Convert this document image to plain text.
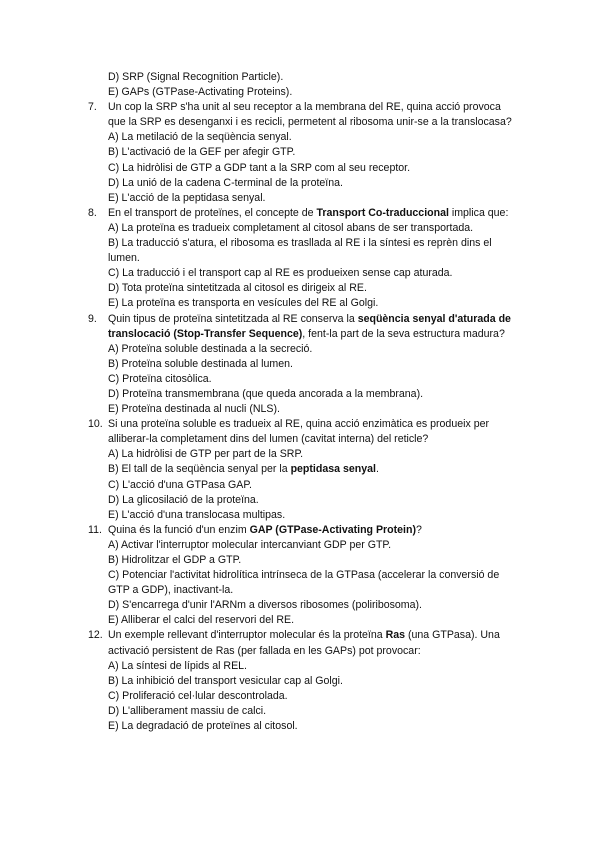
D) SRP (Signal Recognition Particle).
E) GAPs (GTPase-Activating Proteins).
7. Un cop la SRP s'ha unit al seu receptor a la membrana del RE, quina acció provoca que la SRP es desenganxi i es recicli, permetent al ribosoma unir-se a la translocasa?
A) La metilació de la seqüència senyal.
B) L'activació de la GEF per afegir GTP.
C) La hidròlisi de GTP a GDP tant a la SRP com al seu receptor.
D) La unió de la cadena C-terminal de la proteïna.
E) L'acció de la peptidasa senyal.
8. En el transport de proteïnes, el concepte de Transport Co-traduccional implica que:
A) La proteïna es tradueix completament al citosol abans de ser transportada.
B) La traducció s'atura, el ribosoma es trasllada al RE i la síntesi es reprèn dins el lumen.
C) La traducció i el transport cap al RE es produeixen sense cap aturada.
D) Tota proteïna sintetitzada al citosol es dirigeix al RE.
E) La proteïna es transporta en vesícules del RE al Golgi.
9. Quin tipus de proteïna sintetitzada al RE conserva la seqüència senyal d'aturada de translocació (Stop-Transfer Sequence), fent-la part de la seva estructura madura?
A) Proteïna soluble destinada a la secreció.
B) Proteïna soluble destinada al lumen.
C) Proteïna citosòlica.
D) Proteïna transmembrana (que queda ancorada a la membrana).
E) Proteïna destinada al nucli (NLS).
10. Si una proteïna soluble es tradueix al RE, quina acció enzimàtica es produeix per alliberar-la completament dins del lumen (cavitat interna) del reticle?
A) La hidròlisi de GTP per part de la SRP.
B) El tall de la seqüència senyal per la peptidasa senyal.
C) L'acció d'una GTPasa GAP.
D) La glicosilació de la proteïna.
E) L'acció d'una translocasa multipas.
11. Quina és la funció d'un enzim GAP (GTPase-Activating Protein)?
A) Activar l'interruptor molecular intercanviant GDP per GTP.
B) Hidrolitzar el GDP a GTP.
C) Potenciar l'activitat hidrolítica intrínseca de la GTPasa (accelerar la conversió de GTP a GDP), inactivant-la.
D) S'encarrega d'unir l'ARNm a diversos ribosomes (poliribosoma).
E) Alliberar el calci del reservori del RE.
12. Un exemple rellevant d'interruptor molecular és la proteïna Ras (una GTPasa). Una activació persistent de Ras (per fallada en les GAPs) pot provocar:
A) La síntesi de lípids al REL.
B) La inhibició del transport vesicular cap al Golgi.
C) Proliferació cel·lular descontrolada.
D) L'alliberament massiu de calci.
E) La degradació de proteïnes al citosol.
